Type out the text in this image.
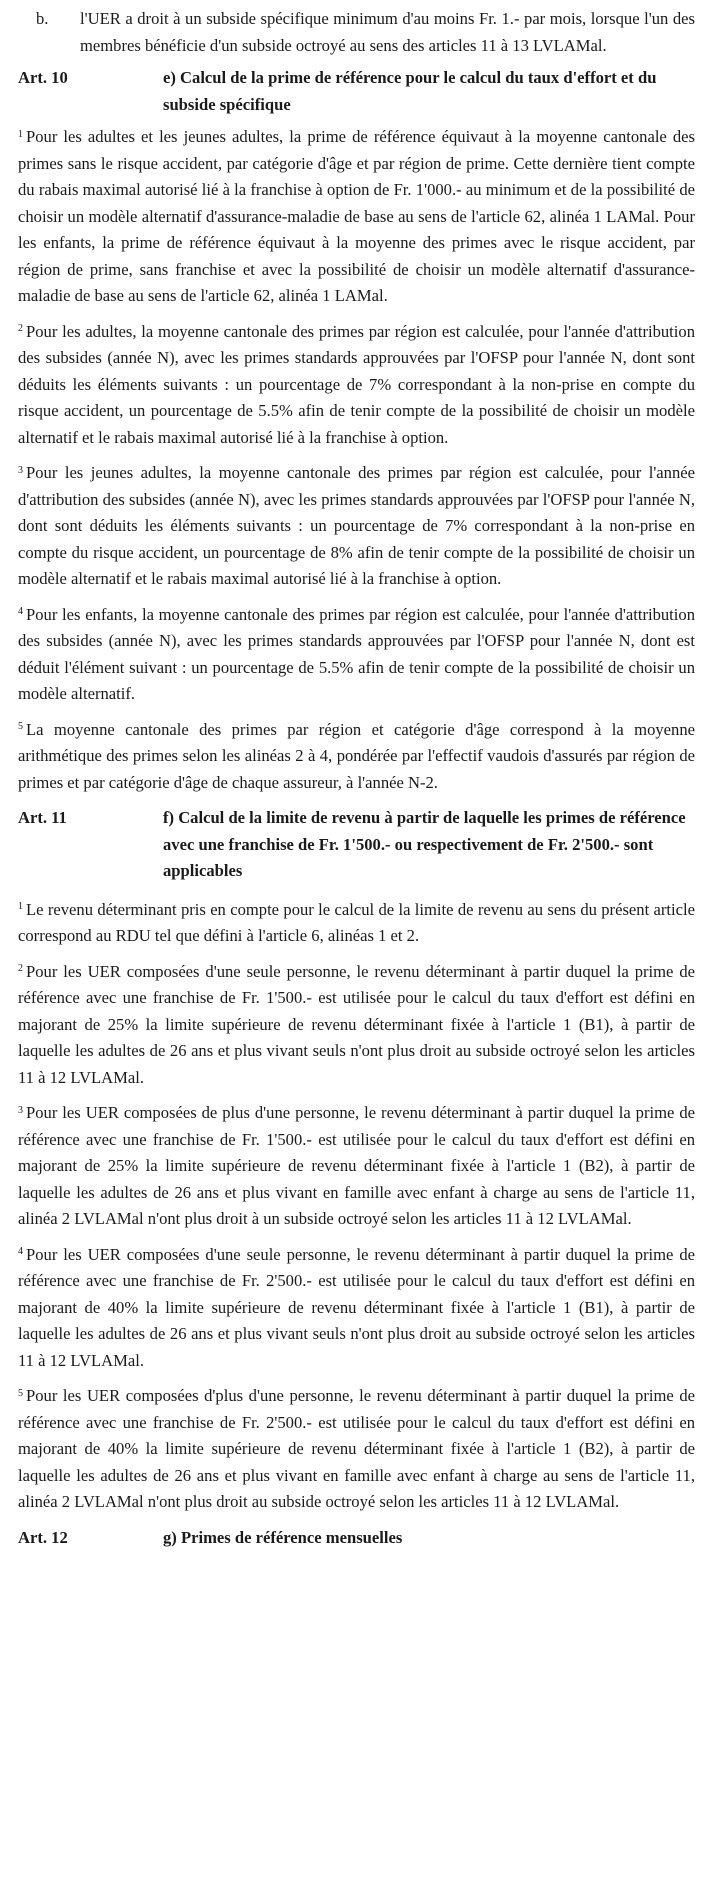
b.	l'UER a droit à un subside spécifique minimum d'au moins Fr. 1.- par mois, lorsque l'un des membres bénéficie d'un subside octroyé au sens des articles 11 à 13 LVLAMal.
Art. 10	e) Calcul de la prime de référence pour le calcul du taux d'effort et du subside spécifique

$^1$ Pour les adultes et les jeunes adultes, la prime de référence équivaut à la moyenne cantonale des primes sans le risque accident, par catégorie d'âge et par région de prime. Cette dernière tient compte du rabais maximal autorisé lié à la franchise à option de Fr. 1'000.- au minimum et de la possibilité de choisir un modèle alternatif d'assurance-maladie de base au sens de l'article 62, alinéa 1 LAMal. Pour les enfants, la prime de référence équivaut à la moyenne des primes avec le risque accident, par région de prime, sans franchise et avec la possibilité de choisir un modèle alternatif d'assurance-maladie de base au sens de l'article 62, alinéa 1 LAMal.

$^2$ Pour les adultes, la moyenne cantonale des primes par région est calculée, pour l'année d'attribution des subsides (année N), avec les primes standards approuvées par l'OFSP pour l'année N, dont sont déduits les éléments suivants : un pourcentage de 7% correspondant à la non-prise en compte du risque accident, un pourcentage de 5.5% afin de tenir compte de la possibilité de choisir un modèle alternatif et le rabais maximal autorisé lié à la franchise à option.

$^3$ Pour les jeunes adultes, la moyenne cantonale des primes par région est calculée, pour l'année d'attribution des subsides (année N), avec les primes standards approuvées par l'OFSP pour l'année N, dont sont déduits les éléments suivants : un pourcentage de 7% correspondant à la non-prise en compte du risque accident, un pourcentage de 8% afin de tenir compte de la possibilité de choisir un modèle alternatif et le rabais maximal autorisé lié à la franchise à option.

$^4$ Pour les enfants, la moyenne cantonale des primes par région est calculée, pour l'année d'attribution des subsides (année N), avec les primes standards approuvées par l'OFSP pour l'année N, dont est déduit l'élément suivant : un pourcentage de 5.5% afin de tenir compte de la possibilité de choisir un modèle alternatif.

$^5$ La moyenne cantonale des primes par région et catégorie d'âge correspond à la moyenne arithmétique des primes selon les alinéas 2 à 4, pondérée par l'effectif vaudois d'assurés par région de primes et par catégorie d'âge de chaque assureur, à l'année N-2.

Art. 11	f) Calcul de la limite de revenu à partir de laquelle les primes de référence avec une franchise de Fr. 1'500.- ou respectivement de Fr. 2'500.- sont applicables

$^1$ Le revenu déterminant pris en compte pour le calcul de la limite de revenu au sens du présent article correspond au RDU tel que défini à l'article 6, alinéas 1 et 2.

$^2$ Pour les UER composées d'une seule personne, le revenu déterminant à partir duquel la prime de référence avec une franchise de Fr. 1'500.- est utilisée pour le calcul du taux d'effort est défini en majorant de 25% la limite supérieure de revenu déterminant fixée à l'article 1 (B1), à partir de laquelle les adultes de 26 ans et plus vivant seuls n'ont plus droit au subside octroyé selon les articles 11 à 12 LVLAMal.

$^3$ Pour les UER composées de plus d'une personne, le revenu déterminant à partir duquel la prime de référence avec une franchise de Fr. 1'500.- est utilisée pour le calcul du taux d'effort est défini en majorant de 25% la limite supérieure de revenu déterminant fixée à l'article 1 (B2), à partir de laquelle les adultes de 26 ans et plus vivant en famille avec enfant à charge au sens de l'article 11, alinéa 2 LVLAMal n'ont plus droit à un subside octroyé selon les articles 11 à 12 LVLAMal.

$^4$ Pour les UER composées d'une seule personne, le revenu déterminant à partir duquel la prime de référence avec une franchise de Fr. 2'500.- est utilisée pour le calcul du taux d'effort est défini en majorant de 40% la limite supérieure de revenu déterminant fixée à l'article 1 (B1), à partir de laquelle les adultes de 26 ans et plus vivant seuls n'ont plus droit au subside octroyé selon les articles 11 à 12 LVLAMal.

$^5$ Pour les UER composées d'plus d'une personne, le revenu déterminant à partir duquel la prime de référence avec une franchise de Fr. 2'500.- est utilisée pour le calcul du taux d'effort est défini en majorant de 40% la limite supérieure de revenu déterminant fixée à l'article 1 (B2), à partir de laquelle les adultes de 26 ans et plus vivant en famille avec enfant à charge au sens de l'article 11, alinéa 2 LVLAMal n'ont plus droit au subside octroyé selon les articles 11 à 12 LVLAMal.

Art. 12	g) Primes de référence mensuelles
